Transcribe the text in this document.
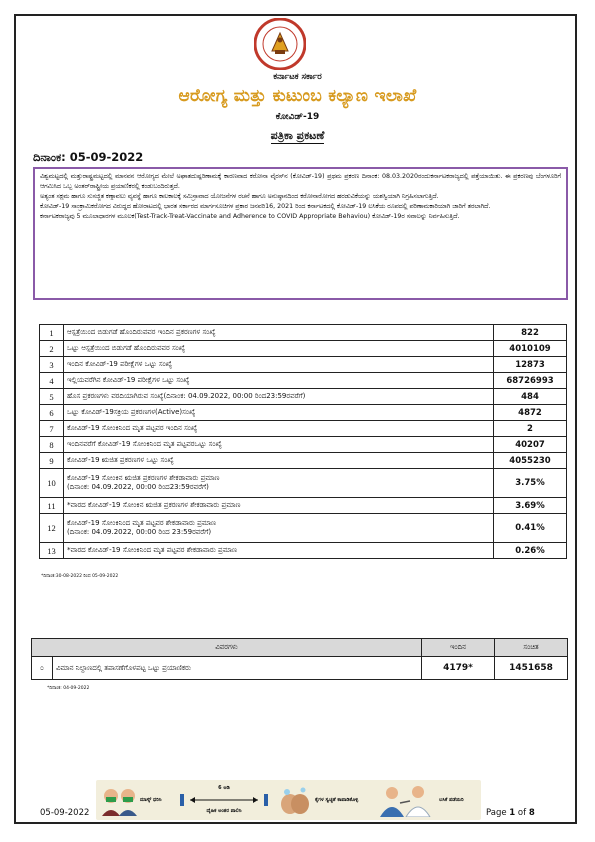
ಕರ್ನಾಟಕ ಸರ್ಕಾರ
ಆರೋಗ್ಯ ಮತ್ತು ಕುಟುಂಬ ಕಲ್ಯಾಣ ಇಲಾಖೆ
ಕೋವಿಡ್-19
ಪತ್ರಿಕಾ ಪ್ರಕಟಣೆ
ದಿನಾಂಕ: 05-09-2022

ವಿಶ್ವಮಟ್ಟದಲ್ಲಿ ಮತ್ತುರಾಷ್ಟ್ರಮಟ್ಟದಲ್ಲಿ ಮಾನವನ ಆರೋಗ್ಯದ ಮೇಲೆ ಅಘಾತದುಷ್ಪರಿಣಾಮಕ್ಕೆ ಕಾರಣವಾದ ಕರೋನಾ ವೈರಸ್‌ನ (ಕೋವಿಡ್-19) ಪ್ರಥಮ ಪ್ರಕರಣ ದಿನಾಂಕ: 08.03.2020ರಂದುಕರ್ನಾಟಕರಾಜ್ಯದಲ್ಲಿ ಪತ್ತೆಯಾಯಿತು. ಈ ಪ್ರಕರಣವು ಬೆಂಗಳೂರಿಗೆ ಆಗಮಿಸಿದ ಒಬ್ಬ ಅಂತರ್‌ರಾಷ್ಟ್ರೀಯ ಪ್ರಯಾಣಿಕರಲ್ಲಿ ಕಂಡುಬಂದಿರುತ್ತದೆ.

ಅತ್ಯಂತ ಸಕ್ಷಮ ಹಾಗೂ ಸುಸಜ್ಜಿತ ಕಣ್ಗಾವಲು ವ್ಯವಸ್ಥೆ ಹಾಗೂ ಕಾಲಕಾಲಕ್ಕೆ ಸಮಿಸ್ರಾವಾದ ಯೋಜನೆಗಳ ರಚನೆ ಹಾಗೂ ಅನುಷ್ಠಾನದಿಂದ ಕರೋನಾರೋಗದ ಹರಡುವಿಕೆಯನ್ನು ಯಶಸ್ವಿಯಾಗಿ ನಿಗ್ರಹಿಸಲಾಗುತ್ತಿದೆ.

ಕೋವಿಡ್-19 ಸಾಂಕ್ರಾಮಿಕರೋಗದ ವಿರುದ್ಧದ ಹೋರಾಟದಲ್ಲಿ ಭಾರತ ಸರ್ಕಾರದ ಮಾರ್ಗಸೂಚಿಗಳ ಪ್ರಕಾರ ಜನವರಿ16, 2021 ರಿಂದ ಕರ್ನಾಟಕದಲ್ಲಿ ಕೋವಿಡ್-19 ಲಸಿಕೆಯ ರೂಪದಲ್ಲಿ ಪರಿಣಾಮಕಾರಿಯಾಗಿ ಜಾರಿಗೆ ತರಲಾಗಿದೆ.

ಕರ್ನಾಟಕರಾಜ್ಯವು 5 ಮೂಲಾಧಾರಗಳ ಮೂಲಕ(Test-Track-Treat-Vaccinate and Adherence to COVID Appropriate Behaviou) ಕೋವಿಡ್-19ರ ಸವಾಲನ್ನು ನಿರ್ವಹಿಸುತ್ತಿದೆ.

1	ಆಸ್ಪತ್ರೆಯಿಂದ ಬಿಡುಗಡೆ ಹೊಂದಿರುವವರ ಇಂದಿನ ಪ್ರಕರಣಗಳ ಸಂಖ್ಯೆ	822
2	ಒಟ್ಟು ಆಸ್ಪತ್ರೆಯಿಂದ ಬಿಡುಗಡೆ ಹೊಂದಿರುವವರ ಸಂಖ್ಯೆ	4010109
3	ಇಂದಿನ ಕೋವಿಡ್-19 ಪರೀಕ್ಷೆಗಳ ಒಟ್ಟು ಸಂಖ್ಯೆ	12873
4	ಇಲ್ಲಿಯವರೆಗಿನ ಕೋವಿಡ್-19 ಪರೀಕ್ಷೆಗಳ ಒಟ್ಟು ಸಂಖ್ಯೆ	68726993
5	ಹೊಸ ಪ್ರಕರಣಗಳು ವರದಿಯಾಗಿರುವ ಸಂಖ್ಯೆ(ದಿನಾಂಕ: 04.09.2022, 00:00 ರಿಂದ23:59ರವರೆಗೆ)	484
6	ಒಟ್ಟು ಕೋವಿಡ್-19ಸಕ್ರಿಯ ಪ್ರಕರಣಗಳ(Active)ಸಂಖ್ಯೆ	4872
7	ಕೋವಿಡ್-19 ಸೋಂಕಿನಿಂದ ಮೃತ ಪಟ್ಟವರ ಇಂದಿನ ಸಂಖ್ಯೆ	2
8	ಇಂದಿನವರೆಗೆ ಕೋವಿಡ್-19 ಸೋಂಕಿನಿಂದ ಮೃತ ಪಟ್ಟವರಒಟ್ಟು ಸಂಖ್ಯೆ	40207
9	ಕೋವಿಡ್-19 ಋಜಿತ ಪ್ರಕರಣಗಳ ಒಟ್ಟು ಸಂಖ್ಯೆ	4055230
10	ಕೋವಿಡ್-19 ಸೋಂಕಿನ ಋಜಿತ ಪ್ರಕರಣಗಳ ಶೇಕಡಾವಾರು ಪ್ರಮಾಣ
(ದಿನಾಂಕ: 04.09.2022, 00:00 ರಿಂದ23:59ರವರೆಗೆ)	3.75%
11	*ವಾರದ ಕೋವಿಡ್-19 ಸೋಂಕಿನ ಋಜಿತ ಪ್ರಕರಣಗಳ ಶೇಕಡಾವಾರು ಪ್ರಮಾಣ	3.69%
12	ಕೋವಿಡ್-19 ಸೋಂಕಿನಿಂದ ಮೃತ ಪಟ್ಟವರ ಶೇಕಡಾವಾರು ಪ್ರಮಾಣ
(ದಿನಾಂಕ: 04.09.2022, 00:00 ರಿಂದ 23:59ರವರೆಗೆ)	0.41%
13	*ವಾರದ ಕೋವಿಡ್-19 ಸೋಂಕಿನಿಂದ ಮೃತ ಪಟ್ಟವರ ಶೇಕಡಾವಾರು ಪ್ರಮಾಣ	0.26%
*ದಿನಾಂಕ:30-08-2022 ರಿಂದ 05-09-2022
ವಿವರಗಳು		ಇಂದಿನ	ಸಂಚಿತ
೦	ವಿಮಾನ ನಿಲ್ದಾಣದಲ್ಲಿ ತಪಾಸಣೆಗೊಳಪಟ್ಟ ಒಟ್ಟು ಪ್ರಯಾಣಿಕರು	4179*	1451658
*ದಿನಾಂಕ: 04-09-2022
ಮಾಸ್ಕ್ ಧರಿಸಿ
6 ಅಡಿ
ದೈಹಿಕ ಅಂತರ ಪಾಲಿಸಿ
ಕೈಗಳ ಸ್ವಚ್ಛತೆ ಕಾಪಾಡಿಕೊಳ್ಳಿ	ಲಸಿಕೆ ಪಡೆಯಿರಿ
05-09-2022	Page 1 of 8
